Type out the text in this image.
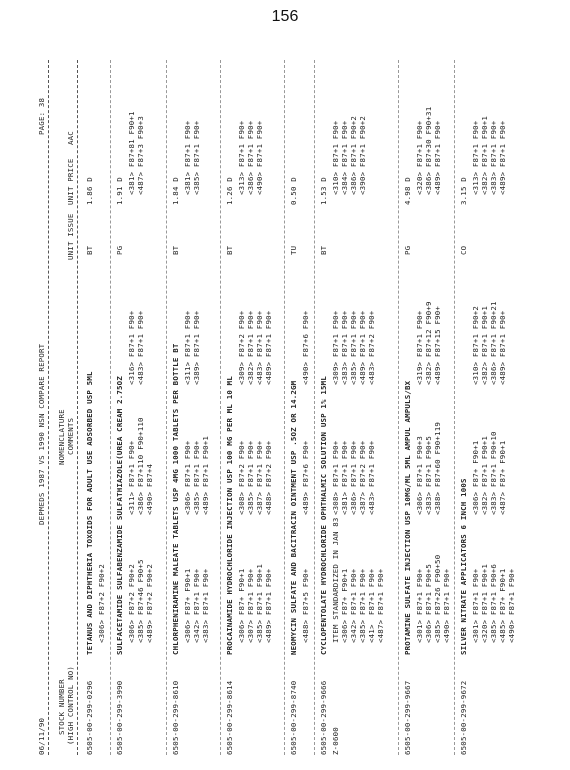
156
06/11/90
DEPMEDS 1987 VS 1990 NSN COMPARE REPORT
PAGE: 38
STOCK NUMBER (HIGH CONTROL NO)
NOMENCLATURE COMMENTS
UNIT ISSUE
UNIT PRICE
AAC
6505-00-299-0296
TETANUS AND DIPHTHERIA TOXOIDS FOR ADULT USE ADSORBED USP 5ML
BT
1.86 D
<306> F87+2 F90+2
6505-00-299-3990
SULFACETAMIDE SULFABENZAMIDE SULFATHIAZOLE(UREA CREAM 2.75OZ
PG
1.91 D
<306> F87+2 F90+2
<385> F87+46 F90+5
<489> F87+2 F90+2
<311> F87+1 F90+
<386> F87+110 F90+110
<490> F87+4
<316> F87+1 F90+
<483> F87+1 F90+
<381> F87+81 F90+1
<487> F87+3 F90+3
6505-00-299-8610
CHLORPHENIRAMINE MALEATE TABLETS USP 4MG 1000 TABLETS PER BOTTLE BT
BT
1.84 D
<306> F87+ F90+1
<342> F87+1 F90+
<383> F87+1 F90+
<306> F87+1 F90+
<385> F87+1 F90+
<489> F87+1 F90+1
<311> F87+1 F90+
<389> F87+1 F90+
<381> F87+1 F90+
<385> F87+1 F90+
6505-00-299-8614
PROCAINAMIDE HYDROCHLORIDE INJECTION USP 100 MG PER ML 10 ML
BT
1.26 D
<306> F87+ F90+1
<307> F87+1 F90+
<385> F87+1 F90+1
<489> F87+1 F90+
<308> F87+2 F90+
<385> F87+1 F90+
<387> F87+1 F90+
<488> F87+2 F90+
<309> F87+2 F90+
<382> F87+1 F90+
<483> F87+1 F90+
<489> F87+1 F90+
<313> F87+1 F90+
<386> F87+1 F90+
<490> F87+1 F90+
6505-00-299-8740
NEOMYCIN SULFATE AND BACITRACIN OINTMENT USP .5OZ OR 14.2GM
TU
0.50 D
<488> F87+5 F90+
<489> F87+6 F90+
<490> F87+6 F90+
6505-00-299-9666 Z-0600
CYCLOPENTOLATE HYDROCHLORIDE OPHTHALMIC SOLUTION USP 1% 15ML
BT
1.53 D
ITEM STANDARDIZED IN JAN 83
<306> F87+ F90+1
<342> F87+1 F90+
<385> F87+1 F90+
<41>  F87+1 F90+
<487> F87+1 F90+
<308> F87+1 F90+
<381> F87+1 F90+
<386> F87+1 F90+
<387> F87+2 F90+
<483> F87+1 F90+
<309> F87+1 F90+
<383> F87+1 F90+
<385> F87+1 F90+
<489> F87+1 F90+
<483> F87+2 F90+
<310> F87+1 F90+
<384> F87+1 F90+
<386> F87+1 F90+2
<390> F87+1 F90+2
6505-00-299-9667
PROTAMINE SULFATE INJECTION USP 10MG/ML 5ML AMPUL AMPULS/BX
PG
4.98 D
<301> F87+1 F90+
<306> F87+1 F90+5
<385> F87+26 F90+50
<490> F87+1 F90+
<306> F87+1 F90+3
<383> F87+1 F90+5
<388> F87+60 F90+119
<319> F87+1 F90+
<382> F87+12 F90+9
<489> F87+15 F90+
<320> F87+1 F90+
<386> F87+30 F90+31
<489> F87+1 F90+
6505-00-299-9672
SILVER NITRATE APPLICATORS 6 INCH 100S
CO
3.15 D
<301> F87+1 F90+
<320> F87+1 F90+1
<385> F87+1 F90+6
<485> F87+ F90+1
<490> F87+1 F90+
<306> F87+ F90+1
<382> F87+1 F90+1
<383> F87+1 F90+10
<487> F87+ F90+1
<310> F87+1 F90+2
<382> F87+1 F90+1
<386> F87+1 F90+21
<489> F87+1 F90+
<313> F87+1 F90+
<382> F87+1 F90+1
<383> F87+1 F90+
<489> F87+1 F90+
